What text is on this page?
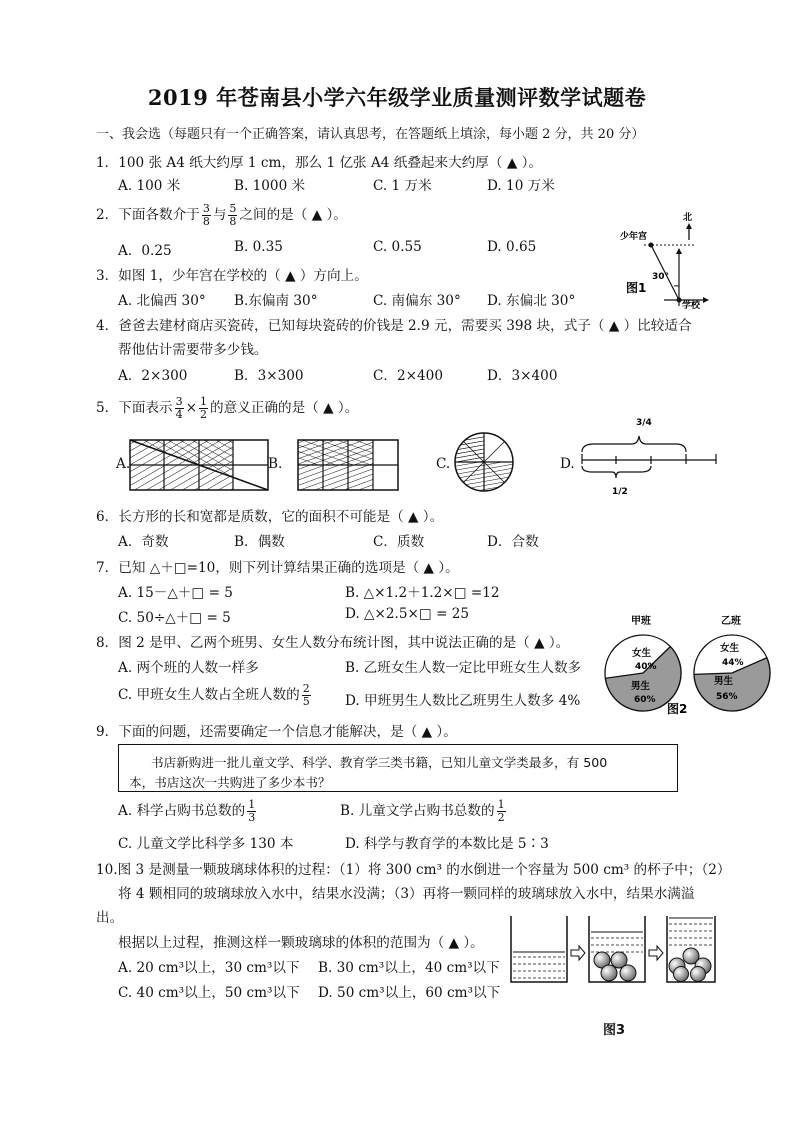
2019 年苍南县小学六年级学业质量测评数学试题卷
一、我会选（每题只有一个正确答案，请认真思考，在答题纸上填涂，每小题 2 分，共 20 分）
1．100 张 A4 纸大约厚 1 cm，那么 1 亿张 A4 纸叠起来大约厚（ ▲ ）。
A. 100 米	B. 1000 米	C. 1 万米	D. 10 万米
2．下面各数介于 $\frac{3}{8}$ 与 $\frac{5}{8}$ 之间的是（ ▲ ）。
A．0.25	B. 0.35	C. 0.55	D. 0.65
3．如图 1，少年宫在学校的（ ▲ ）方向上。
A. 北偏西 30° B.东偏南 30°	C. 南偏东 30° D. 东偏北 30°
北
少年宫
30°
图1
学校
4．爸爸去建材商店买瓷砖，已知每块瓷砖的价钱是 2.9 元，需要买 398 块，式子（ ▲ ）比较适合
帮他估计需要带多少钱。
A．2×300	B．3×300	C．2×400	D．3×400
5．下面表示 $\frac{3}{4} \times \frac{1}{2}$ 的意义正确的是（ ▲ ）。
A.	B.	C.	D.
3/4
1/2
6．长方形的长和宽都是质数，它的面积不可能是（ ▲ ）。
A．奇数	B．偶数	C．质数	D．合数
7．已知 △＋□=10，则下列计算结果正确的选项是（ ▲ ）。
A. 15－△＋□ = 5	B. △×1.2＋1.2×□ =12
C. 50÷△＋□ = 5	D. △×2.5×□ = 25
8．图 2 是甲、乙两个班男、女生人数分布统计图，其中说法正确的是（ ▲ ）。
A. 两个班的人数一样多	B. 乙班女生人数一定比甲班女生人数多
C. 甲班女生人数占全班人数的 $\frac{2}{5}$	D. 甲班男生人数比乙班男生人数多 4%
甲班	乙班
女生
40%
男生
60%
女生
44%
男生
56%
图2
9．下面的问题，还需要确定一个信息才能解决，是（ ▲ ）。
书店新购进一批儿童文学、科学、教育学三类书籍，已知儿童文学类最多，有 500
本，书店这次一共购进了多少本书？
A. 科学占购书总数的 $\frac{1}{3}$	B. 儿童文学占购书总数的 $\frac{1}{2}$
C. 儿童文学比科学多 130 本	D. 科学与教育学的本数比是 5∶3
10.图 3 是测量一颗玻璃球体积的过程：（1）将 300 cm³ 的水倒进一个容量为 500 cm³ 的杯子中；（2）
将 4 颗相同的玻璃球放入水中，结果水没满；（3）再将一颗同样的玻璃球放入水中，结果水满溢
出。
根据以上过程，推测这样一颗玻璃球的体积的范围为（ ▲ ）。
A. 20 cm³以上，30 cm³以下 B. 30 cm³以上，40 cm³以下
C. 40 cm³以上，50 cm³以下 D. 50 cm³以上，60 cm³以下
图3
